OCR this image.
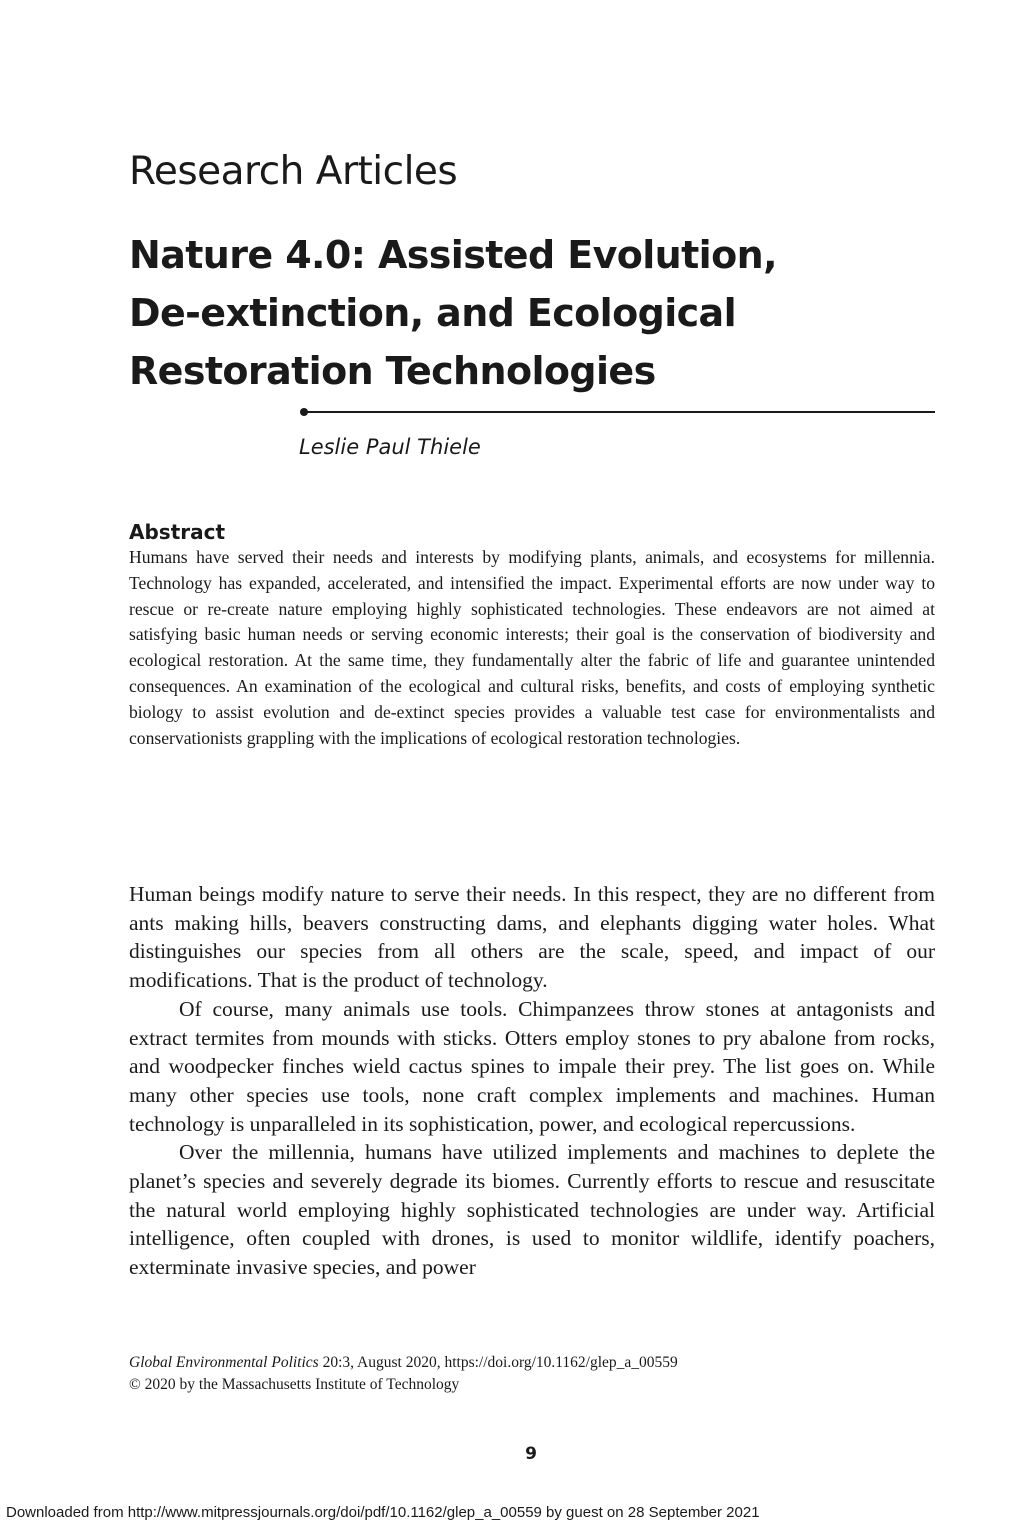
Research Articles
Nature 4.0: Assisted Evolution,
De-extinction, and Ecological
Restoration Technologies

Leslie Paul Thiele

Abstract

Humans have served their needs and interests by modifying plants, animals, and ecosystems for millennia. Technology has expanded, accelerated, and intensified the impact. Experimental efforts are now under way to rescue or re-create nature employing highly sophisticated technologies. These endeavors are not aimed at satisfying basic human needs or serving economic interests; their goal is the conservation of biodiversity and ecological restoration. At the same time, they fundamentally alter the fabric of life and guarantee unintended consequences. An examination of the ecological and cultural risks, benefits, and costs of employing synthetic biology to assist evolution and de-extinct species provides a valuable test case for environmentalists and conservationists grappling with the implications of ecological restoration technologies.

Human beings modify nature to serve their needs. In this respect, they are no different from ants making hills, beavers constructing dams, and elephants digging water holes. What distinguishes our species from all others are the scale, speed, and impact of our modifications. That is the product of technology.

Of course, many animals use tools. Chimpanzees throw stones at antagonists and extract termites from mounds with sticks. Otters employ stones to pry abalone from rocks, and woodpecker finches wield cactus spines to impale their prey. The list goes on. While many other species use tools, none craft complex implements and machines. Human technology is unparalleled in its sophistication, power, and ecological repercussions.

Over the millennia, humans have utilized implements and machines to deplete the planet’s species and severely degrade its biomes. Currently efforts to rescue and resuscitate the natural world employing highly sophisticated technologies are under way. Artificial intelligence, often coupled with drones, is used to monitor wildlife, identify poachers, exterminate invasive species, and power

Global Environmental Politics 20:3, August 2020, https://doi.org/10.1162/glep_a_00559
© 2020 by the Massachusetts Institute of Technology

9

Downloaded from http://www.mitpressjournals.org/doi/pdf/10.1162/glep_a_00559 by guest on 28 September 2021
